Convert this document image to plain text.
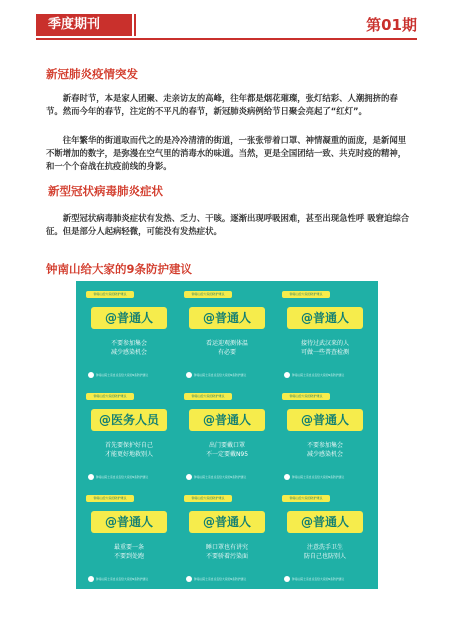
季度期刊	第01期
新冠肺炎疫情突发

新春时节，本是家人团聚、走亲访友的高峰，往年都是烟花璀璨，张灯结彩、人潮拥挤的春节。然而今年的春节，注定的不平凡的春节，新冠肺炎病例给节日聚会亮起了“红灯”。

往年繁华的街道取而代之的是冷冷清清的街道，一张张带着口罩、神情凝重的面庞，是新闻里不断增加的数字，是弥漫在空气里的消毒水的味道。当然，更是全国团结一致、共克时疫的精神，和一个个奋战在抗疫前线的身影。

新型冠状病毒肺炎症状

新型冠状病毒肺炎症状有发热、乏力、干咳。逐渐出现呼吸困难，甚至出现急性呼 吸窘迫综合征。但是部分人起病轻微，可能没有发热症状。

钟南山给大家的9条防护建议
钟南山给大家的防护建议
@普通人
不要参加集会
减少感染机会
钟南山院士亲自点名给大家的9条防护建议
钟南山给大家的防护建议
@普通人
看运迎观测体温
有必要
钟南山院士亲自点名给大家的9条防护建议
钟南山给大家的防护建议
@普通人
接待过武汉来的人
可做一些普查检测
钟南山院士亲自点名给大家的9条防护建议
钟南山给大家的防护建议
@医务人员
首先要保护好自己
才能更好地救别人
钟南山院士亲自点名给大家的9条防护建议
钟南山给大家的防护建议
@普通人
出门要戴口罩
不一定要戴N95
钟南山院士亲自点名给大家的9条防护建议
钟南山给大家的防护建议
@普通人
不要参加集会
减少感染机会
钟南山院士亲自点名给大家的9条防护建议
钟南山给大家的防护建议
@普通人
最重要一条
不要到处跑
钟南山院士亲自点名给大家的9条防护建议
钟南山给大家的防护建议
@普通人
睡口罩也有讲究
不要骄着污染面
钟南山院士亲自点名给大家的9条防护建议
钟南山给大家的防护建议
@普通人
注意洗手卫生
防自己也防别人
钟南山院士亲自点名给大家的9条防护建议
